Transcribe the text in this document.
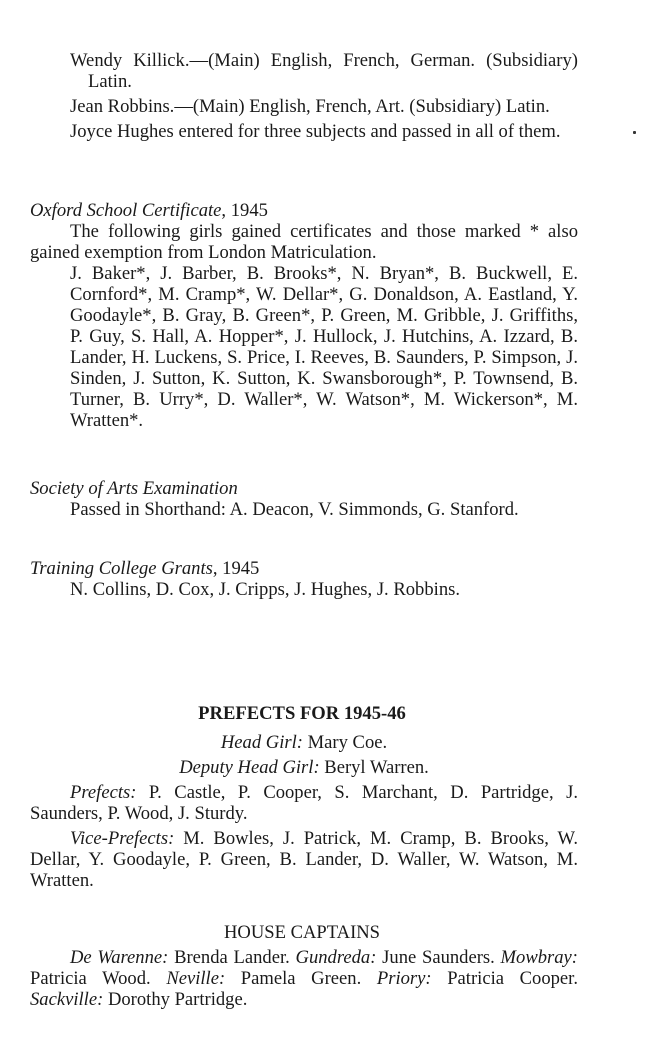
Wendy Killick.—(Main) English, French, German. (Subsidiary) Latin.

Jean Robbins.—(Main) English, French, Art. (Subsidiary) Latin.

Joyce Hughes entered for three subjects and passed in all of them.

Oxford School Certificate, 1945

The following girls gained certificates and those marked * also gained exemption from London Matriculation.

J. Baker*, J. Barber, B. Brooks*, N. Bryan*, B. Buckwell, E. Cornford*, M. Cramp*, W. Dellar*, G. Donaldson, A. Eastland, Y. Goodayle*, B. Gray, B. Green*, P. Green, M. Gribble, J. Griffiths, P. Guy, S. Hall, A. Hopper*, J. Hullock, J. Hutchins, A. Izzard, B. Lander, H. Luckens, S. Price, I. Reeves, B. Saunders, P. Simpson, J. Sinden, J. Sutton, K. Sutton, K. Swansborough*, P. Townsend, B. Turner, B. Urry*, D. Waller*, W. Watson*, M. Wickerson*, M. Wratten*.

Society of Arts Examination

Passed in Shorthand: A. Deacon, V. Simmonds, G. Stanford.

Training College Grants, 1945

N. Collins, D. Cox, J. Cripps, J. Hughes, J. Robbins.

PREFECTS FOR 1945-46

Head Girl: Mary Coe.

Deputy Head Girl: Beryl Warren.

Prefects: P. Castle, P. Cooper, S. Marchant, D. Partridge, J. Saunders, P. Wood, J. Sturdy.

Vice-Prefects: M. Bowles, J. Patrick, M. Cramp, B. Brooks, W. Dellar, Y. Goodayle, P. Green, B. Lander, D. Waller, W. Watson, M. Wratten.

HOUSE CAPTAINS

De Warenne: Brenda Lander. Gundreda: June Saunders. Mowbray: Patricia Wood. Neville: Pamela Green. Priory: Patricia Cooper. Sackville: Dorothy Partridge.
